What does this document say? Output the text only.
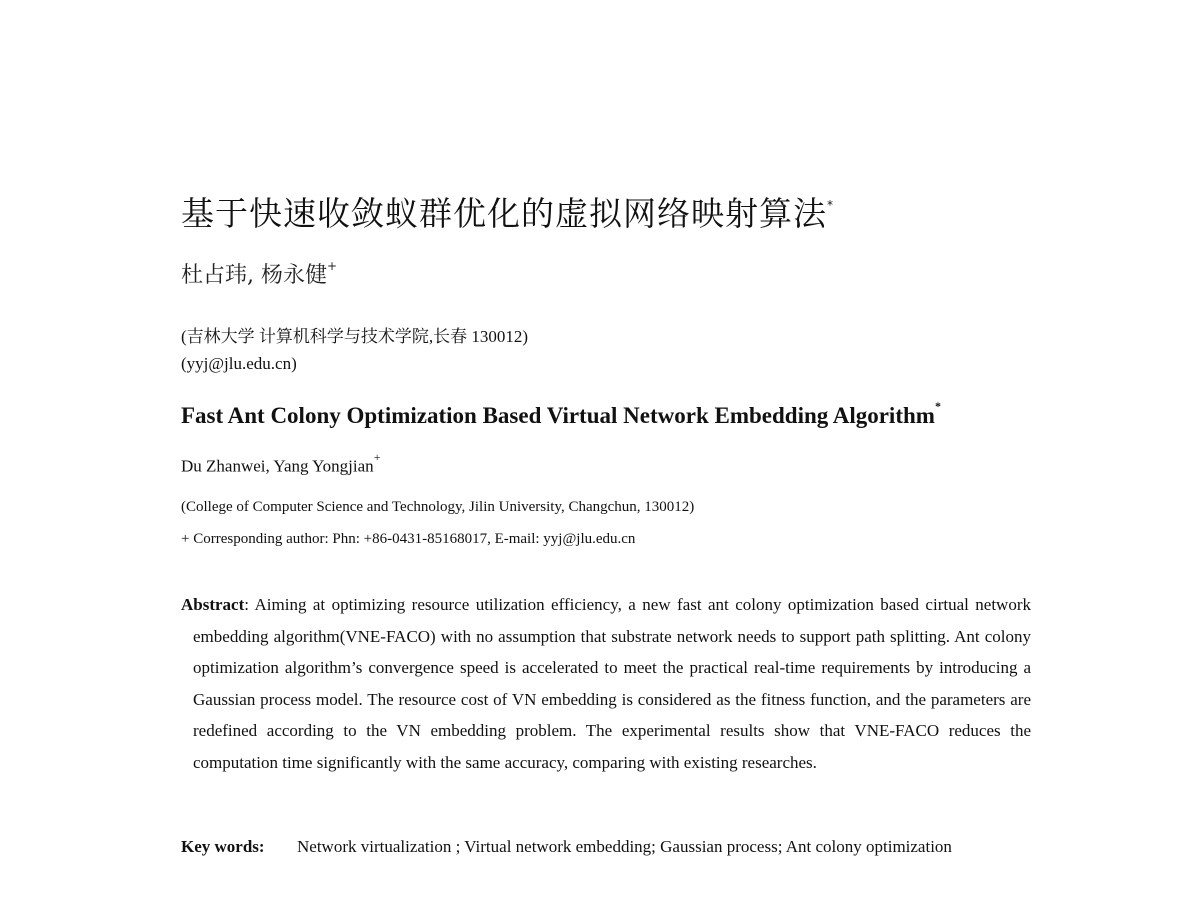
基于快速收敛蚁群优化的虚拟网络映射算法*
杜占玮, 杨永健+
(吉林大学 计算机科学与技术学院,长春 130012)
(yyj@jlu.edu.cn)
Fast Ant Colony Optimization Based Virtual Network Embedding Algorithm*
Du Zhanwei, Yang Yongjian+
(College of Computer Science and Technology, Jilin University, Changchun, 130012)
+ Corresponding author: Phn: +86-0431-85168017, E-mail: yyj@jlu.edu.cn
Abstract: Aiming at optimizing resource utilization efficiency, a new fast ant colony optimization based cirtual network embedding algorithm(VNE-FACO) with no assumption that substrate network needs to support path splitting. Ant colony optimization algorithm’s convergence speed is accelerated to meet the practical real-time requirements by introducing a Gaussian process model. The resource cost of VN embedding is considered as the fitness function, and the parameters are redefined according to the VN embedding problem. The experimental results show that VNE-FACO reduces the computation time significantly with the same accuracy, comparing with existing researches.
Key words: Network virtualization ; Virtual network embedding; Gaussian process; Ant colony optimization
